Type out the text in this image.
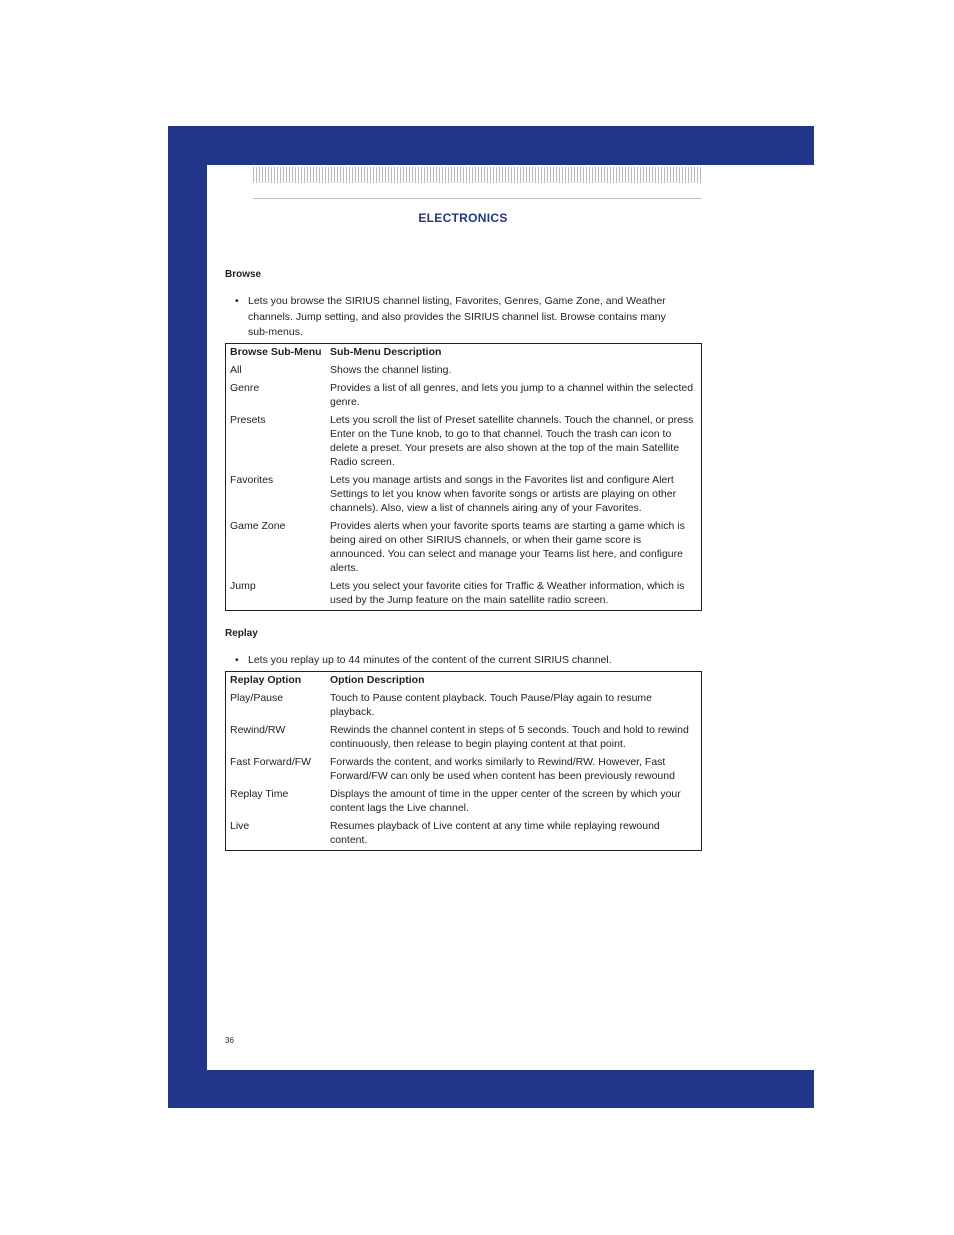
ELECTRONICS
Browse
• Lets you browse the SIRIUS channel listing, Favorites, Genres, Game Zone, and Weather channels. Jump setting, and also provides the SIRIUS channel list. Browse contains many sub-menus.
Browse Sub-Menu	Sub-Menu Description
All	Shows the channel listing.
Genre	Provides a list of all genres, and lets you jump to a channel within the selected genre.
Presets	Lets you scroll the list of Preset satellite channels. Touch the channel, or press Enter on the Tune knob, to go to that channel. Touch the trash can icon to delete a preset. Your presets are also shown at the top of the main Satellite Radio screen.
Favorites	Lets you manage artists and songs in the Favorites list and configure Alert Settings to let you know when favorite songs or artists are playing on other channels). Also, view a list of channels airing any of your Favorites.
Game Zone	Provides alerts when your favorite sports teams are starting a game which is being aired on other SIRIUS channels, or when their game score is announced. You can select and manage your Teams list here, and configure alerts.
Jump	Lets you select your favorite cities for Traffic & Weather information, which is used by the Jump feature on the main satellite radio screen.
Replay
• Lets you replay up to 44 minutes of the content of the current SIRIUS channel.
Replay Option	Option Description
Play/Pause	Touch to Pause content playback. Touch Pause/Play again to resume playback.
Rewind/RW	Rewinds the channel content in steps of 5 seconds. Touch and hold to rewind continuously, then release to begin playing content at that point.
Fast Forward/FW	Forwards the content, and works similarly to Rewind/RW. However, Fast Forward/FW can only be used when content has been previously rewound
Replay Time	Displays the amount of time in the upper center of the screen by which your content lags the Live channel.
Live	Resumes playback of Live content at any time while replaying rewound content.
36
